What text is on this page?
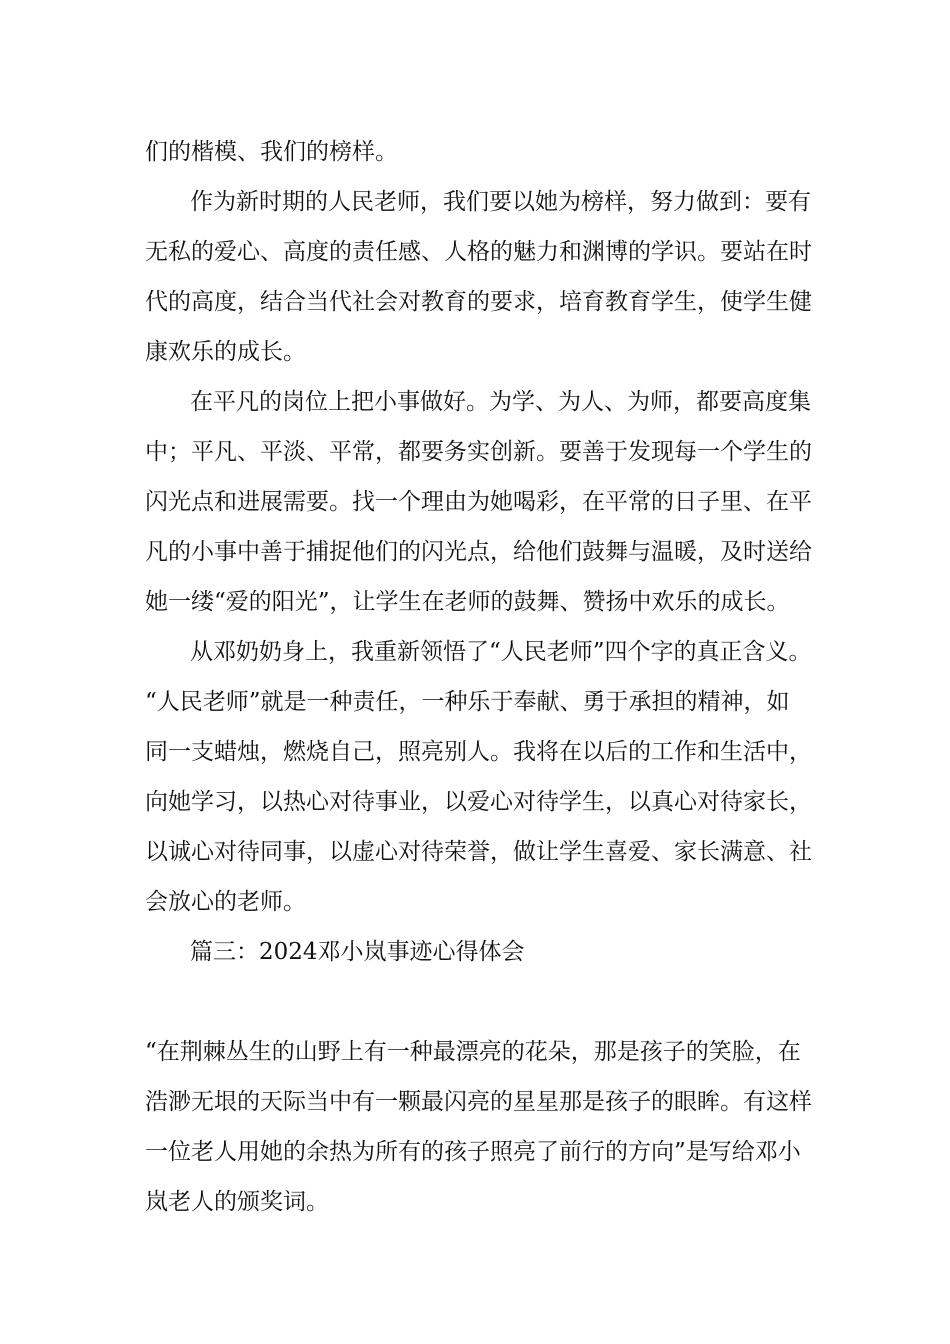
们的楷模、我们的榜样。
作为新时期的人民老师，我们要以她为榜样，努力做到：要有
无私的爱心、高度的责任感、人格的魅力和渊博的学识。要站在时
代的高度，结合当代社会对教育的要求，培育教育学生，使学生健
康欢乐的成长。
在平凡的岗位上把小事做好。为学、为人、为师，都要高度集
中；平凡、平淡、平常，都要务实创新。要善于发现每一个学生的
闪光点和进展需要。找一个理由为她喝彩，在平常的日子里、在平
凡的小事中善于捕捉他们的闪光点，给他们鼓舞与温暖，及时送给
她一缕“爱的阳光”，让学生在老师的鼓舞、赞扬中欢乐的成长。
从邓奶奶身上，我重新领悟了“人民老师”四个字的真正含义。
“人民老师”就是一种责任，一种乐于奉献、勇于承担的精神，如
同一支蜡烛，燃烧自己，照亮别人。我将在以后的工作和生活中，
向她学习，以热心对待事业，以爱心对待学生，以真心对待家长，
以诚心对待同事，以虚心对待荣誉，做让学生喜爱、家长满意、社
会放心的老师。
篇三：2024邓小岚事迹心得体会
“在荆棘丛生的山野上有一种最漂亮的花朵，那是孩子的笑脸，在
浩渺无垠的天际当中有一颗最闪亮的星星那是孩子的眼眸。有这样
一位老人用她的余热为所有的孩子照亮了前行的方向”是写给邓小
岚老人的颁奖词。
